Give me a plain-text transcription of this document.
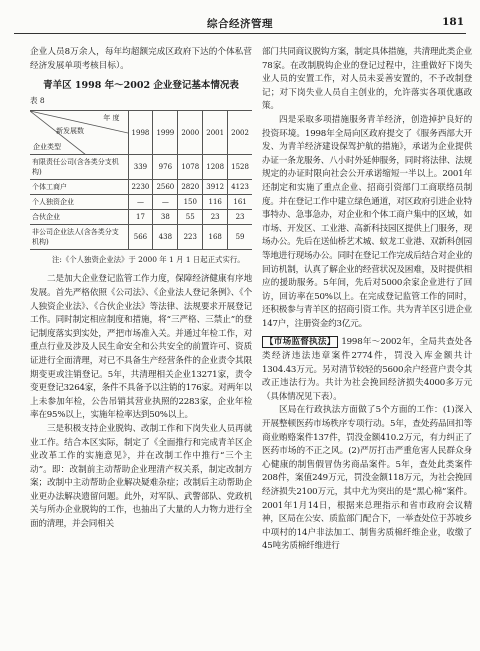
综合经济管理	181

企业人员8万余人，每年均超额完成区政府下达的个体私营经济发展单项考核目标）。

青羊区 1998 年～2002 企业登记基本情况表
表 8
年 度
新发展数
企业类型	1998	1999	2000	2001	2002
有限责任公司(含各类分支机构)	339	976	1078	1208	1528
个体工商户	2230	2560	2820	3912	4123
个人独资企业	—	—	150	116	161
合伙企业	17	38	55	23	23
非公司企业法人(含各类分支机构)	566	438	223	168	59
注:《个人独资企业法》于 2000 年 1 月 1 日起正式实行。

二是加大企业登记监管工作力度，保障经济健康有序地发展。首先严格依照《公司法》、《企业法人登记条例》、《个人独资企业法》、《合伙企业法》等法律、法规要求开展登记工作。同时制定相应制度和措施，将“三严格、三禁止”的登记制度落实到实处，严把市场准入关。并通过年检工作，对重点行业及涉及人民生命安全和公共安全的前置许可、资质证进行全面清理，对已不具备生产经营条件的企业责令其限期变更或注销登记。5年，共清理相关企业13271家，责令变更登记3264家，条件不具备予以注销的176家。对两年以上未参加年检，公告吊销其营业执照的2283家，企业年检率在95%以上，实施年检率达到50%以上。

三是积极支持企业脱钩、改制工作和下岗失业人员再就业工作。结合本区实际，制定了《全面推行和完成青羊区企业改革工作的实施意见》，并在改制工作中推行“三个主动”。即：改制前主动帮助企业理清产权关系，制定改制方案；改制中主动帮助企业解决疑难杂症；改制后主动帮助企业更办法解决遗留问题。此外，对军队、武警部队、党政机关与所办企业脱钩的工作，也抽出了大量的人力物力进行全面的清理，并会同相关

部门共同商议脱钩方案，制定具体措施，共清理此类企业78家。在改制脱钩企业的登记过程中，注重做好下岗失业人员的安置工作，对人员未妥善安置的，不予改制登记；对下岗失业人员自主创业的，允许落实各项优惠政策。

四是采取多项措施服务青羊经济，创造掉护良好的投资环境。1998年全局向区政府提交了《服务西部大开发、为青羊经济建设保驾护航的措施》，承诺为企业提供办证一条龙服务、八小时外延伸服务，同时将法律、法规规定的办证时限向社会公开承诺缩短一半以上。2001年还制定和实施了重点企业、招商引资部门工商联络员制度。并在登记工作中建立绿色通道，对区政府引进企业特事特办、急事急办，对企业和个体工商户集中的区域，如市场、开发区、工业港、高新科技园区提供上门服务，现场办公。先后在送仙桥艺术城、蚁龙工业港、双新科创园等地进行现场办公。同时在登记工作完成后结合对企业的回访机制，认真了解企业的经营状况及困难，及时提供相应的援助服务。5年间，先后对5000余家企业进行了回访，回访率在50%以上。在完成登记监管工作的同时，还积极参与青羊区的招商引资工作。共为青羊区引进企业147户，注册资金约3亿元。

【市场监督执法】 1998年～2002年，全局共查处各类经济违法违章案件2774件，罚没入库金额共计1304.43万元。另对清节较轻的5600余户经营户责令其改正违法行为。共计为社会挽回经济损失4000多万元（具体情况见下表）。

区局在行政执法方面做了5个方面的工作：(1)深入开展整顿医药市场秩序专项行动。5年，查处药品回扣等商业贿赂案件137件，罚没金额410.2万元，有力纠正了医药市场的不正之风。(2)严厉打击严重危害人民群众身心健康的制售假冒伪劣商品案件。5年，查处此类案件208件，案值249万元，罚没金额118万元，为社会挽回经济损失2100万元，其中尤为突出的是“黑心棉”案件。2001年1月14日，根据来总理指示和省市政府会议精神，区局在公安、质监部门配合下，一举查处位于苏坡乡中项村的14户非法加工、制售劣质棉纤维企业，收缴了45吨劣质棉纤维进行
